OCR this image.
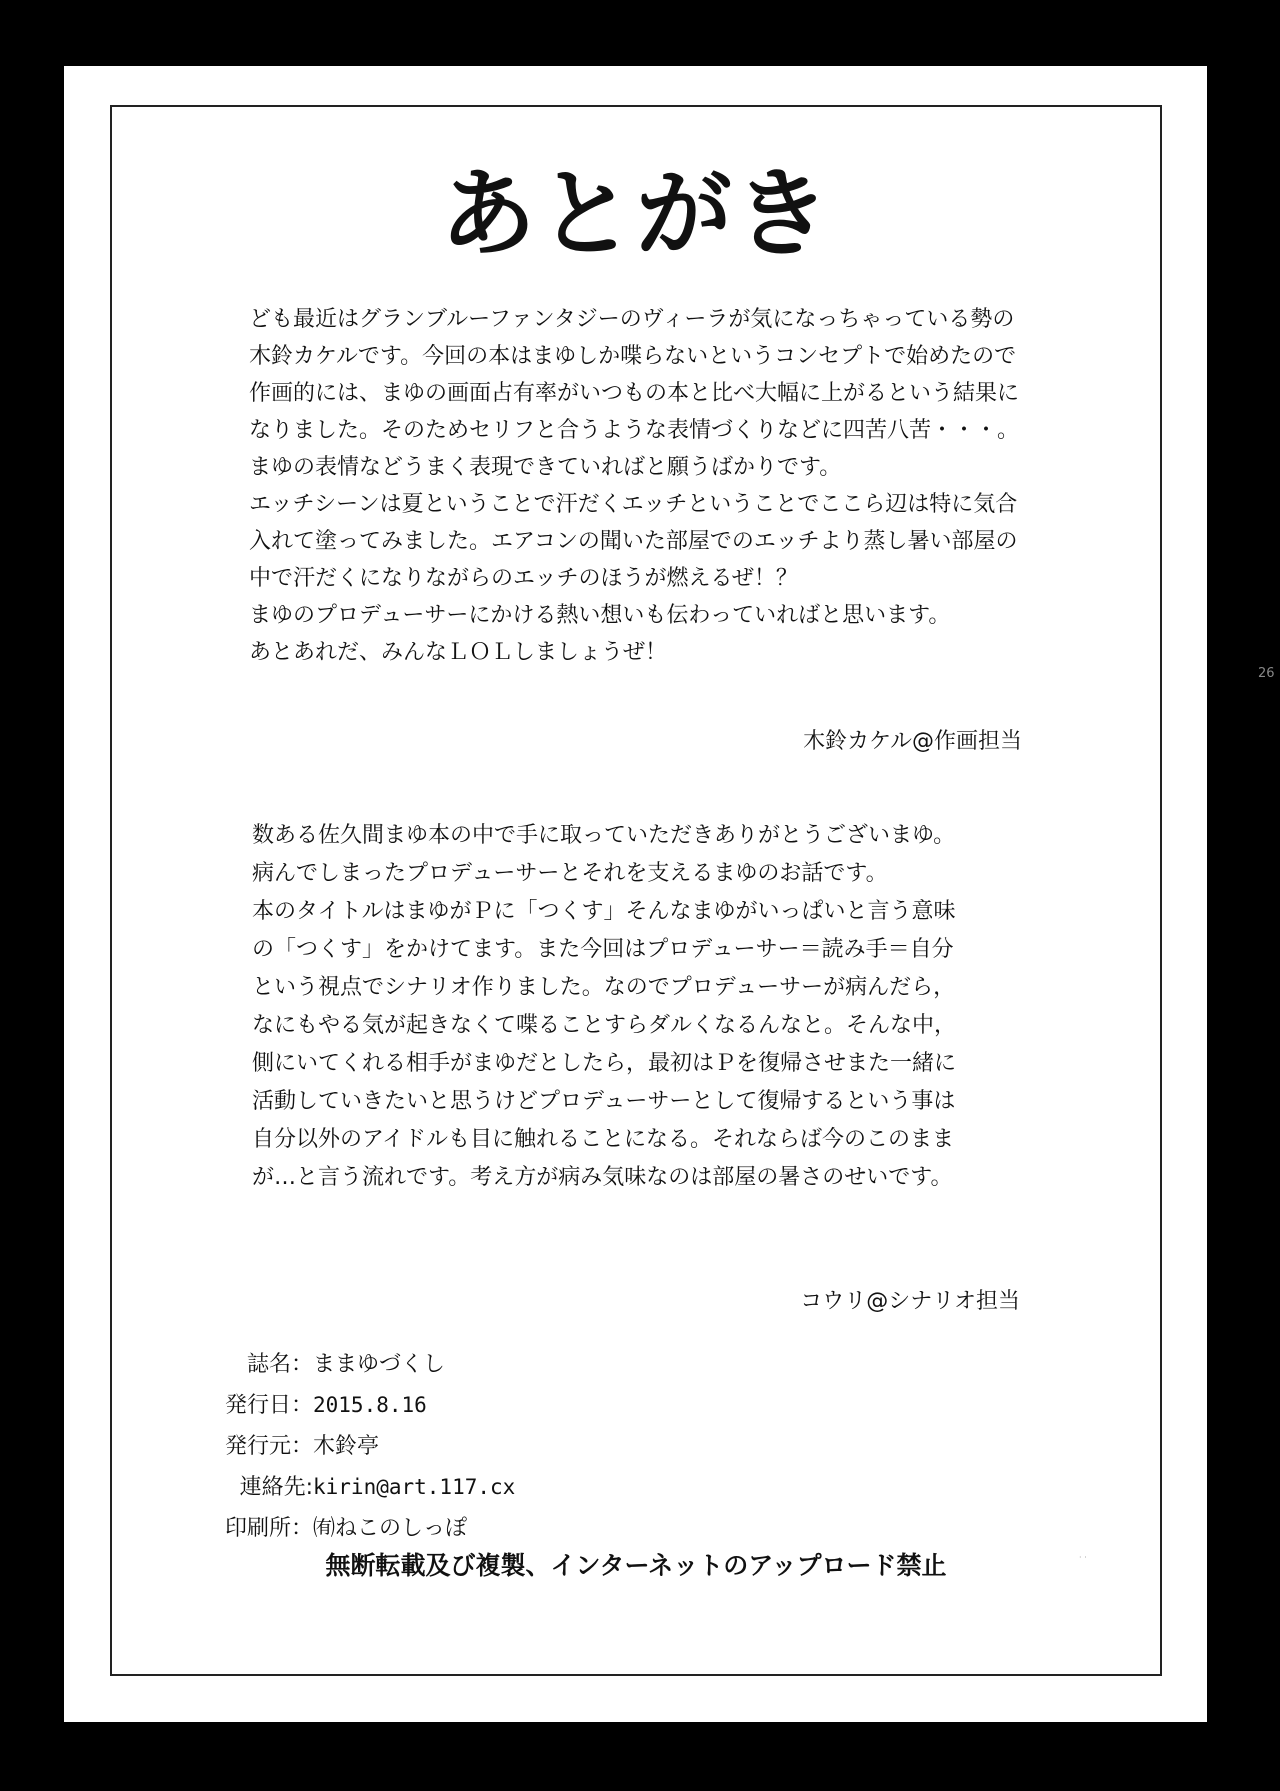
あとがき
ども最近はグランブルーファンタジーのヴィーラが気になっちゃっている勢の
木鈴カケルです。今回の本はまゆしか喋らないというコンセプトで始めたので
作画的には、まゆの画面占有率がいつもの本と比べ大幅に上がるという結果に
なりました。そのためセリフと合うような表情づくりなどに四苦八苦・・・。
まゆの表情などうまく表現できていればと願うばかりです。
エッチシーンは夏ということで汗だくエッチということでここら辺は特に気合
入れて塗ってみました。エアコンの聞いた部屋でのエッチより蒸し暑い部屋の
中で汗だくになりながらのエッチのほうが燃えるぜ！？
まゆのプロデューサーにかける熱い想いも伝わっていればと思います。
あとあれだ、みんなＬＯＬしましょうぜ！
木鈴カケル@作画担当
数ある佐久間まゆ本の中で手に取っていただきありがとうございまゆ。
病んでしまったプロデューサーとそれを支えるまゆのお話です。
本のタイトルはまゆがＰに「つくす」そんなまゆがいっぱいと言う意味
の「つくす」をかけてます。また今回はプロデューサー＝読み手＝自分
という視点でシナリオ作りました。なのでプロデューサーが病んだら，
なにもやる気が起きなくて喋ることすらダルくなるんなと。そんな中，
側にいてくれる相手がまゆだとしたら，最初はＰを復帰させまた一緒に
活動していきたいと思うけどプロデューサーとして復帰するという事は
自分以外のアイドルも目に触れることになる。それならば今のこのまま
が…と言う流れです。考え方が病み気味なのは部屋の暑さのせいです。
コウリ@シナリオ担当
誌名：ままゆづくし
発行日：2015.8.16
発行元：木鈴亭
連絡先:kirin@art.117.cx
印刷所：㈲ねこのしっぽ
無断転載及び複製、インターネットのアップロード禁止	· ·
26
